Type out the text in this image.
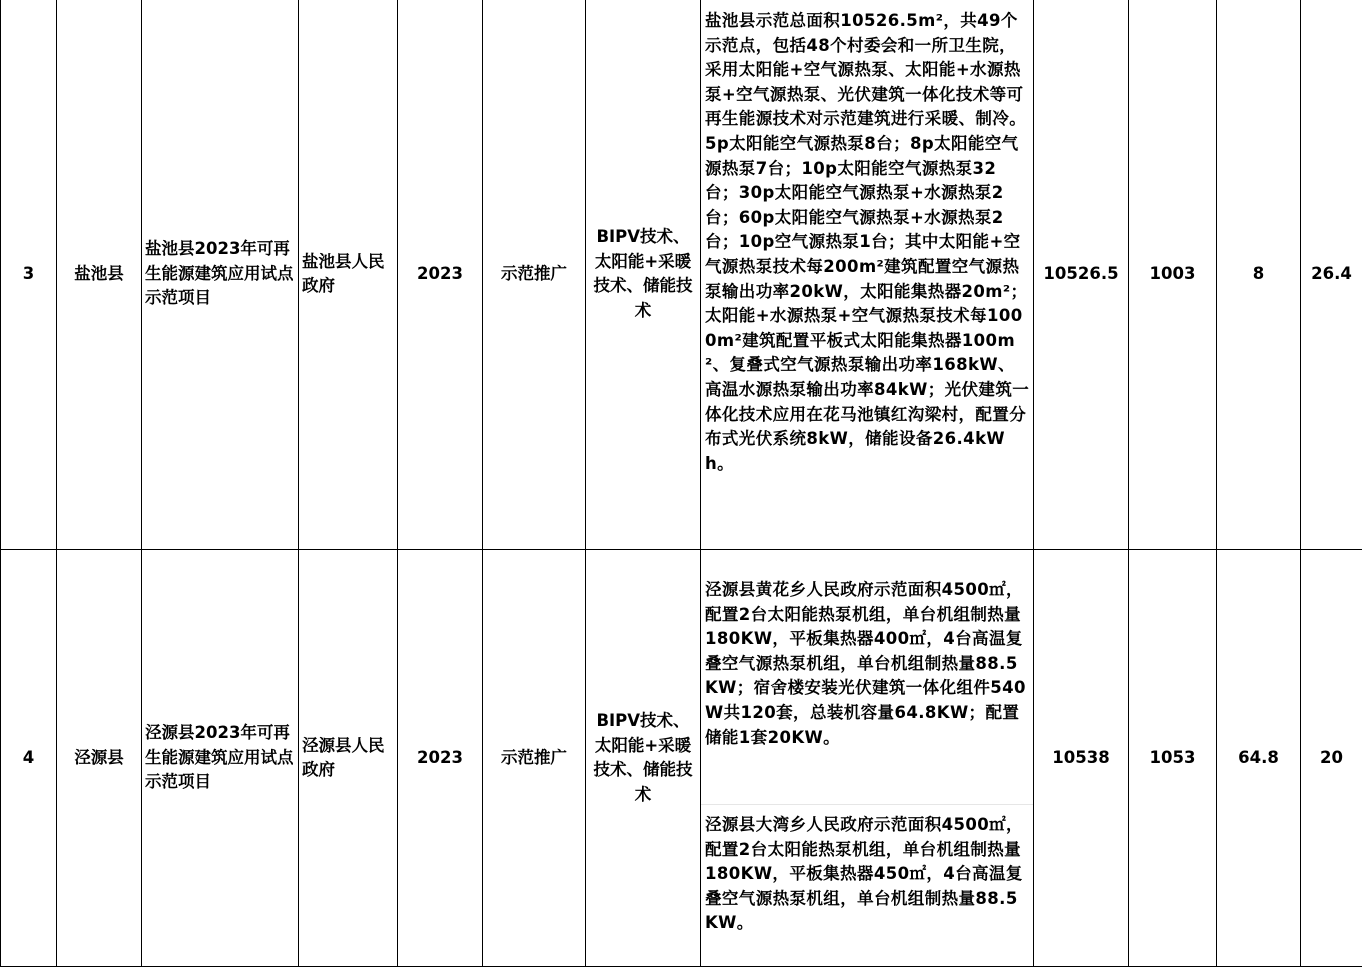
3	盐池县	盐池县2023年可再生能源建筑应用试点示范项目	盐池县人民政府	2023	示范推广	BIPV技术、太阳能+采暖技术、储能技术	盐池县示范总面积10526.5m²，共49个示范点，包括48个村委会和一所卫生院，采用太阳能+空气源热泵、太阳能+水源热泵+空气源热泵、光伏建筑一体化技术等可再生能源技术对示范建筑进行采暖、制冷。5p太阳能空气源热泵8台；8p太阳能空气源热泵7台；10p太阳能空气源热泵32台；30p太阳能空气源热泵+水源热泵2台；60p太阳能空气源热泵+水源热泵2台；10p空气源热泵1台；其中太阳能+空气源热泵技术每200m²建筑配置空气源热泵输出功率20kW，太阳能集热器20m²；太阳能+水源热泵+空气源热泵技术每1000m²建筑配置平板式太阳能集热器100m²、复叠式空气源热泵输出功率168kW、高温水源热泵输出功率84kW；光伏建筑一体化技术应用在花马池镇红沟梁村，配置分布式光伏系统8kW，储能设备26.4kWh。	10526.5	1003	8	26.4
4	泾源县	泾源县2023年可再生能源建筑应用试点示范项目	泾源县人民政府	2023	示范推广	BIPV技术、太阳能+采暖技术、储能技术	泾源县黄花乡人民政府示范面积4500㎡，配置2台太阳能热泵机组，单台机组制热量180KW，平板集热器400㎡，4台高温复叠空气源热泵机组，单台机组制热量88.5KW；宿舍楼安装光伏建筑一体化组件540W共120套，总装机容量64.8KW；配置储能1套20KW。
泾源县大湾乡人民政府示范面积4500㎡，配置2台太阳能热泵机组，单台机组制热量180KW，平板集热器450㎡，4台高温复叠空气源热泵机组，单台机组制热量88.5KW。	10538	1053	64.8	20
